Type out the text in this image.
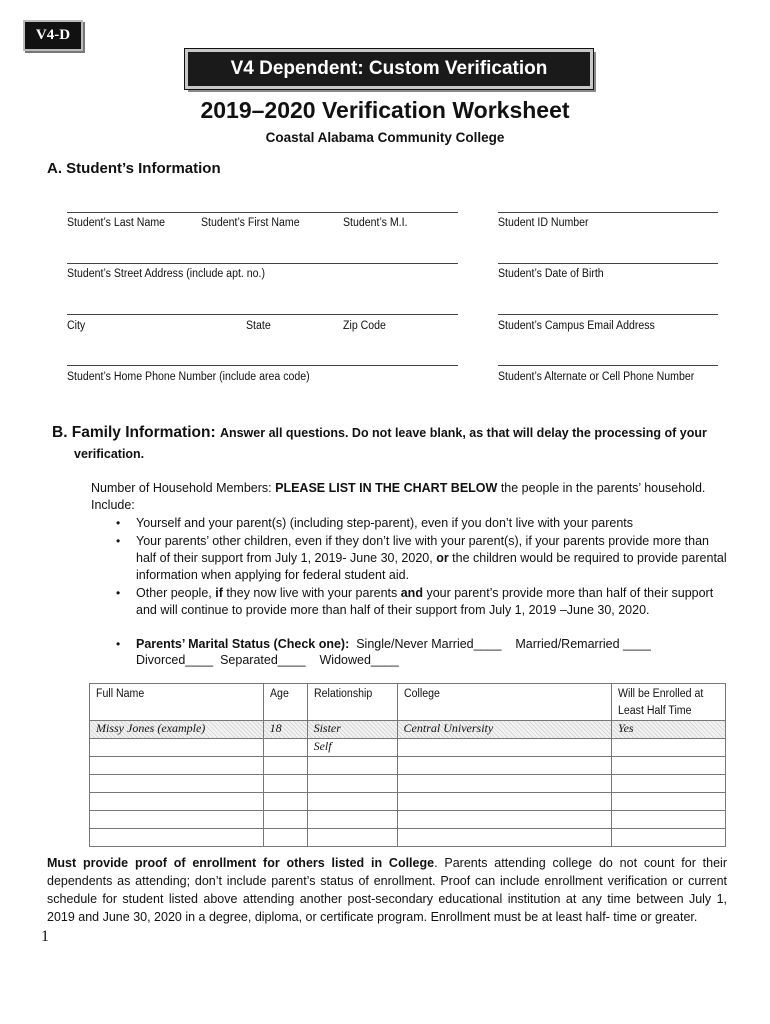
V4-D
V4 Dependent: Custom Verification
2019–2020 Verification Worksheet
Coastal Alabama Community College
A. Student’s Information
Student’s Last Name	Student’s First Name	Student’s M.I.	Student ID Number
Student’s Street Address (include apt. no.)	Student’s Date of Birth
City	State	Zip Code	Student’s Campus Email Address
Student’s Home Phone Number (include area code)	Student’s Alternate or Cell Phone Number
B. Family Information: Answer all questions. Do not leave blank, as that will delay the processing of your
verification.
Number of Household Members: PLEASE LIST IN THE CHART BELOW the people in the parents’ household.
Include:
• Yourself and your parent(s) (including step-parent), even if you don’t live with your parents
• Your parents’ other children, even if they don’t live with your parent(s), if your parents provide more than
half of their support from July 1, 2019- June 30, 2020, or the children would be required to provide parental
information when applying for federal student aid.
• Other people, if they now live with your parents and your parent’s provide more than half of their support
and will continue to provide more than half of their support from July 1, 2019 –June 30, 2020.
• Parents’ Marital Status (Check one): Single/Never Married____ Married/Remarried ____
Divorced____ Separated____ Widowed____
Full Name	Age	Relationship	College	Will be Enrolled at
Least Half Time
Missy Jones (example)	18	Sister	Central University	Yes
		Self		

Must provide proof of enrollment for others listed in College. Parents attending college do not count for their dependents as attending; don’t include parent’s status of enrollment. Proof can include enrollment verification or current schedule for student listed above attending another post-secondary educational institution at any time between July 1, 2019 and June 30, 2020 in a degree, diploma, or certificate program. Enrollment must be at least half- time or greater.
1
